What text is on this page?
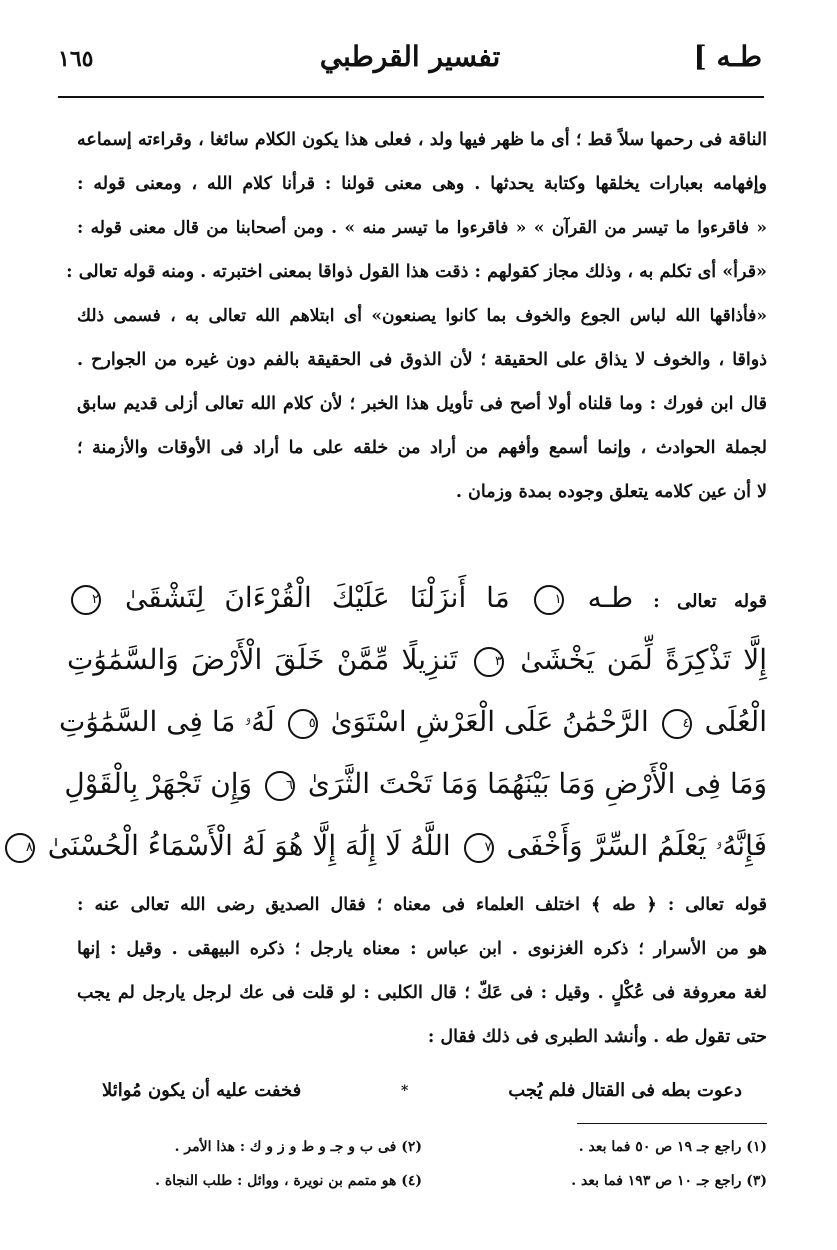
طـه ]
تفسير القرطبي
١٦٥
الناقة فى رحمها سلاً قط ؛ أى ما ظهر فيها ولد ، فعلى هذا يكون الكلام سائغا ، وقراءته إسماعه
وإفهامه بعبارات يخلقها وكتابة يحدثها . وهى معنى قولنا : قرأنا كلام الله ، ومعنى قوله :
« فاقرءوا ما تيسر من القرآن » « فاقرءوا ما تيسر منه » . ومن أصحابنا من قال معنى قوله :
«قرأ» أى تكلم به ، وذلك مجاز كقولهم : ذقت هذا القول ذواقا بمعنى اختبرته . ومنه قوله تعالى :
«فأذاقها الله لباس الجوع والخوف بما كانوا يصنعون» أى ابتلاهم الله تعالى به ، فسمى ذلك
ذواقا ، والخوف لا يذاق على الحقيقة ؛ لأن الذوق فى الحقيقة بالفم دون غيره من الجوارح .
قال ابن فورك : وما قلناه أولا أصح فى تأويل هذا الخبر ؛ لأن كلام الله تعالى أزلى قديم سابق
لجملة الحوادث ، وإنما أسمع وأفهم من أراد من خلقه على ما أراد فى الأوقات والأزمنة ؛
لا أن عين كلامه يتعلق وجوده بمدة وزمان .
قوله تعالى : طـه ١ مَا أَنزَلْنَا عَلَيْكَ الْقُرْءَانَ لِتَشْقَىٰ ٢
إِلَّا تَذْكِرَةً لِّمَن يَخْشَىٰ ٣ تَنزِيلًا مِّمَّنْ خَلَقَ الْأَرْضَ وَالسَّمَٰوَٰتِ
الْعُلَى ٤ الرَّحْمَٰنُ عَلَى الْعَرْشِ اسْتَوَىٰ ٥ لَهُۥ مَا فِى السَّمَٰوَٰتِ
وَمَا فِى الْأَرْضِ وَمَا بَيْنَهُمَا وَمَا تَحْتَ الثَّرَىٰ ٦ وَإِن تَجْهَرْ بِالْقَوْلِ
فَإِنَّهُۥ يَعْلَمُ السِّرَّ وَأَخْفَى ٧ اللَّهُ لَا إِلَٰهَ إِلَّا هُوَ لَهُ الْأَسْمَاءُ الْحُسْنَىٰ ٨
قوله تعالى : ﴿ طه ﴾ اختلف العلماء فى معناه ؛ فقال الصديق رضى الله تعالى عنه :
هو من الأسرار ؛ ذكره الغزنوى . ابن عباس : معناه يارجل ؛ ذكره البيهقى . وقيل : إنها
لغة معروفة فى عُكْلٍ . وقيل : فى عَكّ ؛ قال الكلبى : لو قلت فى عك لرجل يارجل لم يجب
حتى تقول طه . وأنشد الطبرى فى ذلك فقال :
دعوت بطه فى القتال فلم يُجب
*
فخفت عليه أن يكون مُوائلا
(١) راجع جـ ١٩ ص ٥٠ فما بعد .
(٢) فى ب و جـ و ط و ز و ك : هذا الأمر .
(٣) راجع جـ ١٠ ص ١٩٣ فما بعد .
(٤) هو متمم بن نويرة ، ووائل : طلب النجاة .
